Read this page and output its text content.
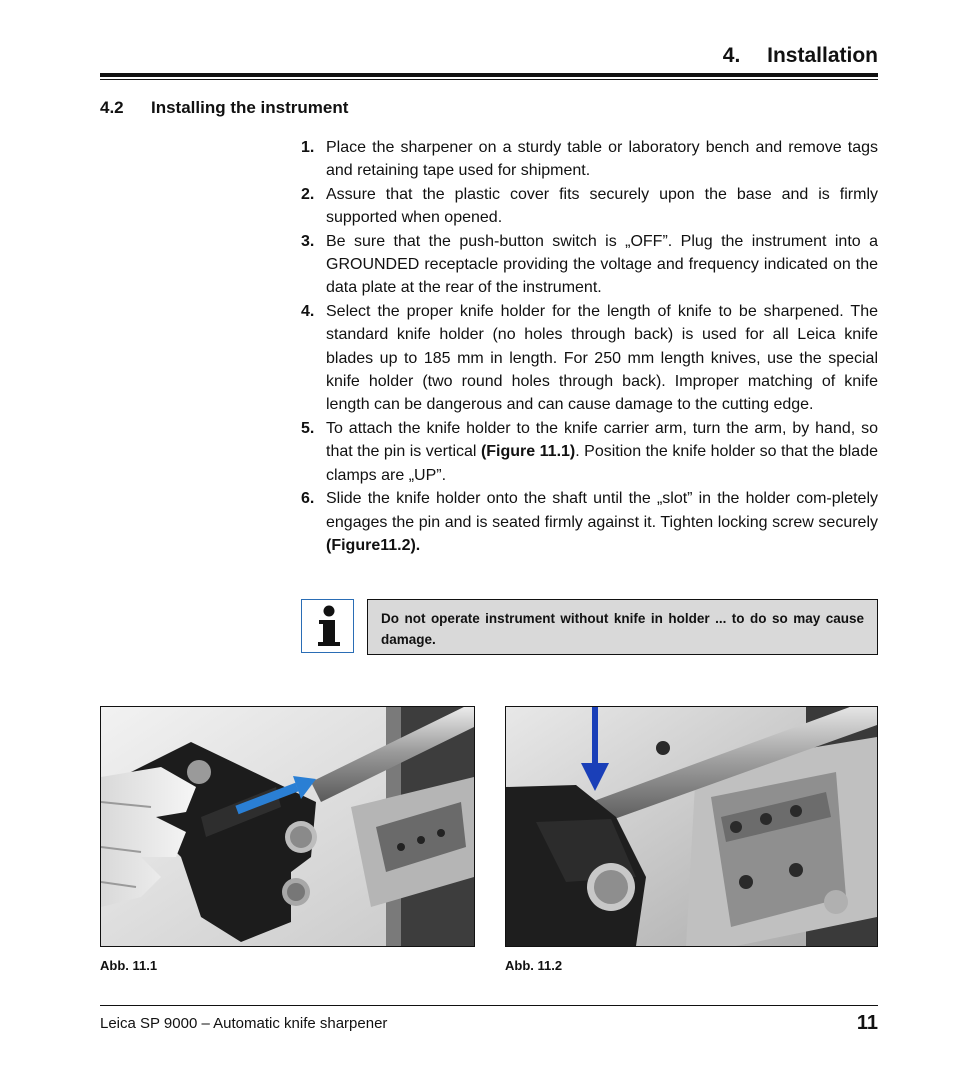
4.  Installation
4.2 Installing the instrument
1. Place the sharpener on a sturdy table or laboratory bench and remove tags and retaining tape used for shipment.
2. Assure that the plastic cover fits securely upon the base and is firmly supported when opened.
3. Be sure that the push-button switch is „OFF”. Plug the instrument into a GROUNDED receptacle providing the voltage and frequency indicated on the data plate at the rear of the instrument.
4. Select the proper knife holder for the length of knife to be sharpened. The standard knife holder (no holes through back) is used for all Leica knife blades up to 185 mm in length. For 250 mm length knives, use the special knife holder (two round holes through back). Improper matching of knife length can be dangerous and can cause damage to the cutting edge.
5. To attach the knife holder to the knife carrier arm, turn the arm, by hand, so that the pin is vertical (Figure 11.1). Position the knife holder so that the blade clamps are „UP”.
6. Slide the knife holder onto the shaft until the „slot” in the holder com-pletely engages the pin and is seated firmly against it. Tighten locking screw securely (Figure11.2).
Do not operate instrument without knife in holder ... to do so may cause damage.
Abb. 11.1	Abb. 11.2
Leica SP 9000 – Automatic knife sharpener	11
